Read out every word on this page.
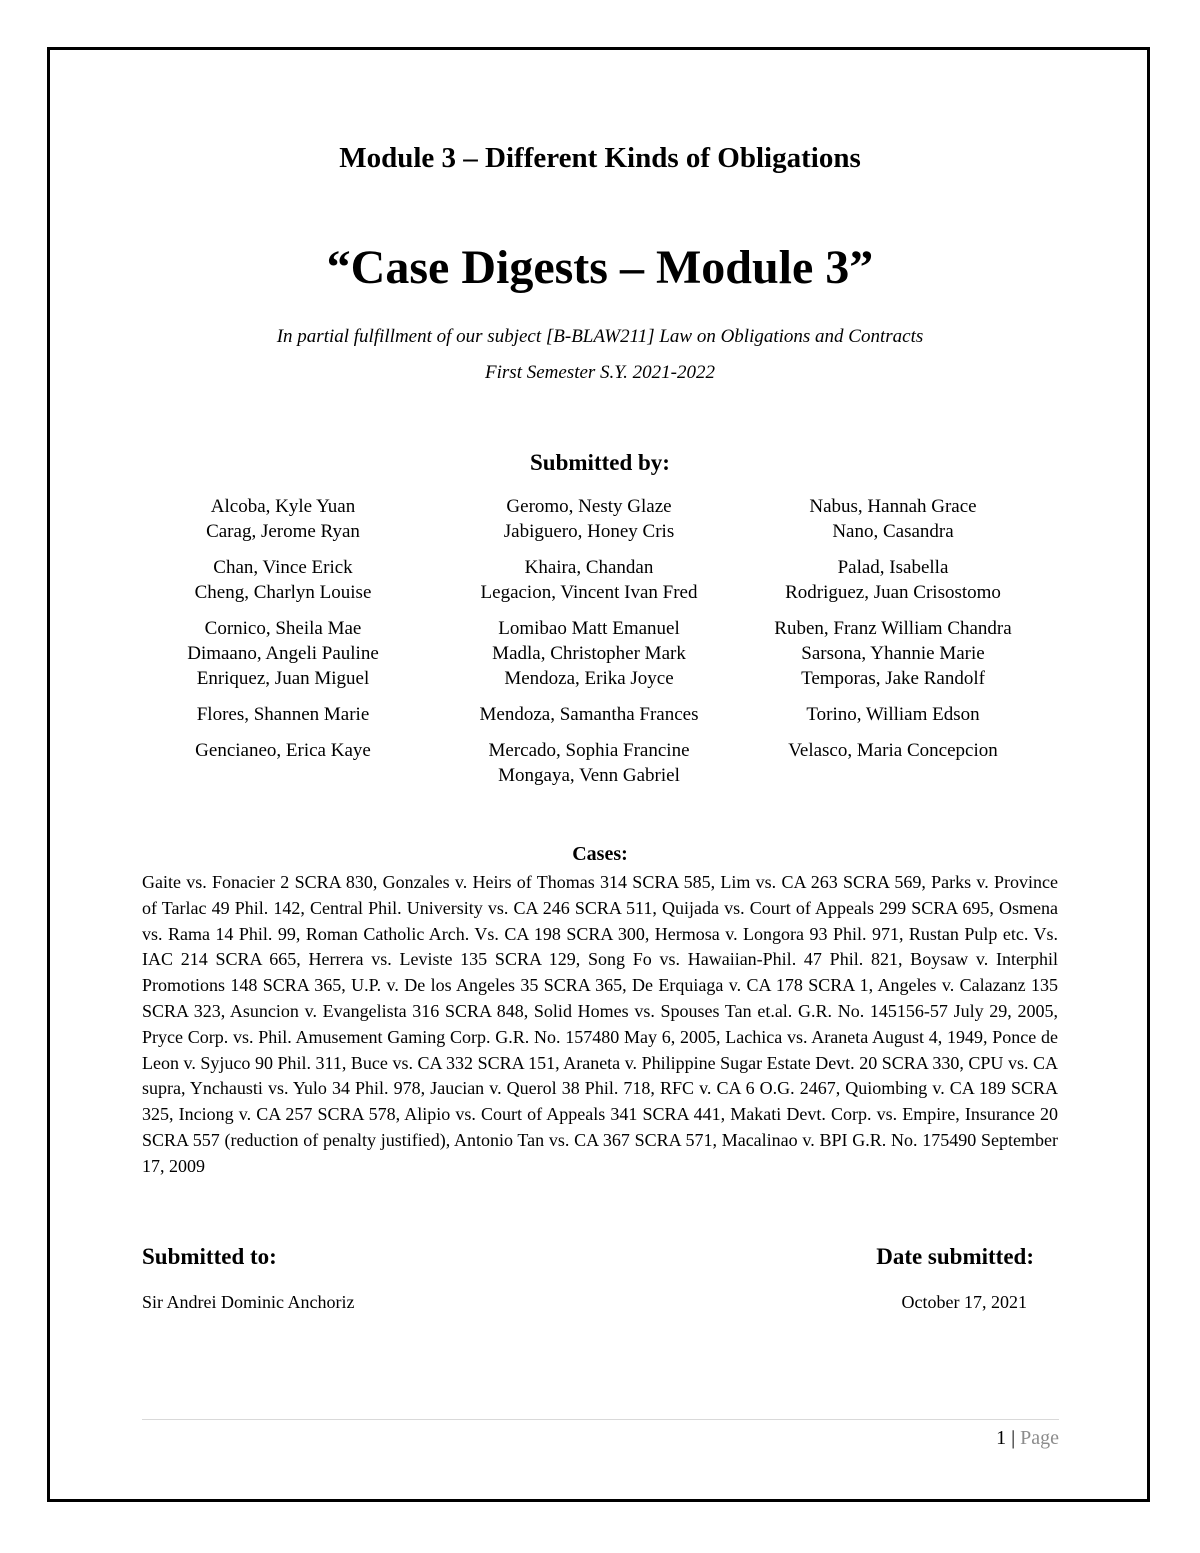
Module 3 – Different Kinds of Obligations
“Case Digests – Module 3”
In partial fulfillment of our subject [B-BLAW211] Law on Obligations and Contracts
First Semester S.Y. 2021-2022
Submitted by:
Alcoba, Kyle Yuan
Carag, Jerome Ryan
Chan, Vince Erick
Cheng, Charlyn Louise
Cornico, Sheila Mae
Dimaano, Angeli Pauline
Enriquez, Juan Miguel
Flores, Shannen Marie
Gencianeo, Erica Kaye
Geromo, Nesty Glaze
Jabiguero, Honey Cris
Khaira, Chandan
Legacion, Vincent Ivan Fred
Lomibao Matt Emanuel
Madla, Christopher Mark
Mendoza, Erika Joyce
Mendoza, Samantha Frances
Mercado, Sophia Francine
Mongaya, Venn Gabriel
Nabus, Hannah Grace
Nano, Casandra
Palad, Isabella
Rodriguez, Juan Crisostomo
Ruben, Franz William Chandra
Sarsona, Yhannie Marie
Temporas, Jake Randolf
Torino, William Edson
Velasco, Maria Concepcion
Cases:
Gaite vs. Fonacier 2 SCRA 830, Gonzales v. Heirs of Thomas 314 SCRA 585, Lim vs. CA 263 SCRA 569, Parks v. Province of Tarlac 49 Phil. 142, Central Phil. University vs. CA 246 SCRA 511, Quijada vs. Court of Appeals 299 SCRA 695, Osmena vs. Rama 14 Phil. 99, Roman Catholic Arch. Vs. CA 198 SCRA 300, Hermosa v. Longora 93 Phil. 971, Rustan Pulp etc. Vs. IAC 214 SCRA 665, Herrera vs. Leviste 135 SCRA 129, Song Fo vs. Hawaiian-Phil. 47 Phil. 821, Boysaw v. Interphil Promotions 148 SCRA 365, U.P. v. De los Angeles 35 SCRA 365, De Erquiaga v. CA 178 SCRA 1, Angeles v. Calazanz 135 SCRA 323, Asuncion v. Evangelista 316 SCRA 848, Solid Homes vs. Spouses Tan et.al. G.R. No. 145156-57 July 29, 2005, Pryce Corp. vs. Phil. Amusement Gaming Corp. G.R. No. 157480 May 6, 2005, Lachica vs. Araneta August 4, 1949, Ponce de Leon v. Syjuco 90 Phil. 311, Buce vs. CA 332 SCRA 151, Araneta v. Philippine Sugar Estate Devt. 20 SCRA 330, CPU vs. CA supra, Ynchausti vs. Yulo 34 Phil. 978, Jaucian v. Querol 38 Phil. 718, RFC v. CA 6 O.G. 2467, Quiombing v. CA 189 SCRA 325, Inciong v. CA 257 SCRA 578, Alipio vs. Court of Appeals 341 SCRA 441, Makati Devt. Corp. vs. Empire, Insurance 20 SCRA 557 (reduction of penalty justified), Antonio Tan vs. CA 367 SCRA 571, Macalinao v. BPI G.R. No. 175490 September 17, 2009
Submitted to:	Date submitted:
Sir Andrei Dominic Anchoriz	October 17, 2021
1 | Page
